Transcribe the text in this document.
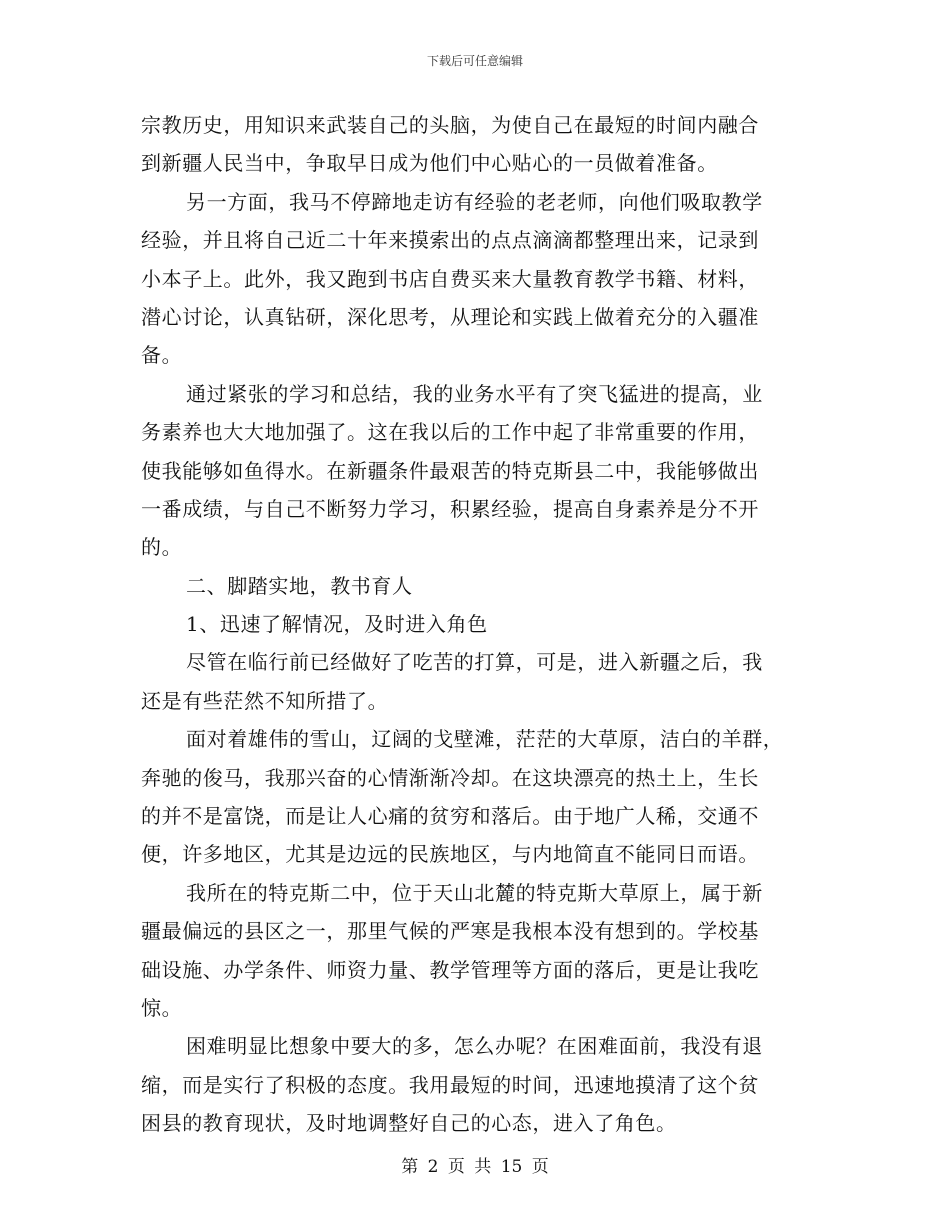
下载后可任意编辑
宗教历史，用知识来武装自己的头脑，为使自己在最短的时间内融合
到新疆人民当中，争取早日成为他们中心贴心的一员做着准备。
另一方面，我马不停蹄地走访有经验的老老师，向他们吸取教学
经验，并且将自己近二十年来摸索出的点点滴滴都整理出来，记录到
小本子上。此外，我又跑到书店自费买来大量教育教学书籍、材料，
潜心讨论，认真钻研，深化思考，从理论和实践上做着充分的入疆准
备。
通过紧张的学习和总结，我的业务水平有了突飞猛进的提高，业
务素养也大大地加强了。这在我以后的工作中起了非常重要的作用，
使我能够如鱼得水。在新疆条件最艰苦的特克斯县二中，我能够做出
一番成绩，与自己不断努力学习，积累经验，提高自身素养是分不开
的。
二、脚踏实地，教书育人
1、迅速了解情况，及时进入角色
尽管在临行前已经做好了吃苦的打算，可是，进入新疆之后，我
还是有些茫然不知所措了。
面对着雄伟的雪山，辽阔的戈壁滩，茫茫的大草原，洁白的羊群，
奔驰的俊马，我那兴奋的心情渐渐冷却。在这块漂亮的热土上，生长
的并不是富饶，而是让人心痛的贫穷和落后。由于地广人稀，交通不
便，许多地区，尤其是边远的民族地区，与内地简直不能同日而语。
我所在的特克斯二中，位于天山北麓的特克斯大草原上，属于新
疆最偏远的县区之一，那里气候的严寒是我根本没有想到的。学校基
础设施、办学条件、师资力量、教学管理等方面的落后，更是让我吃
惊。
困难明显比想象中要大的多，怎么办呢？在困难面前，我没有退
缩，而是实行了积极的态度。我用最短的时间，迅速地摸清了这个贫
困县的教育现状，及时地调整好自己的心态，进入了角色。
第 2 页 共 15 页
